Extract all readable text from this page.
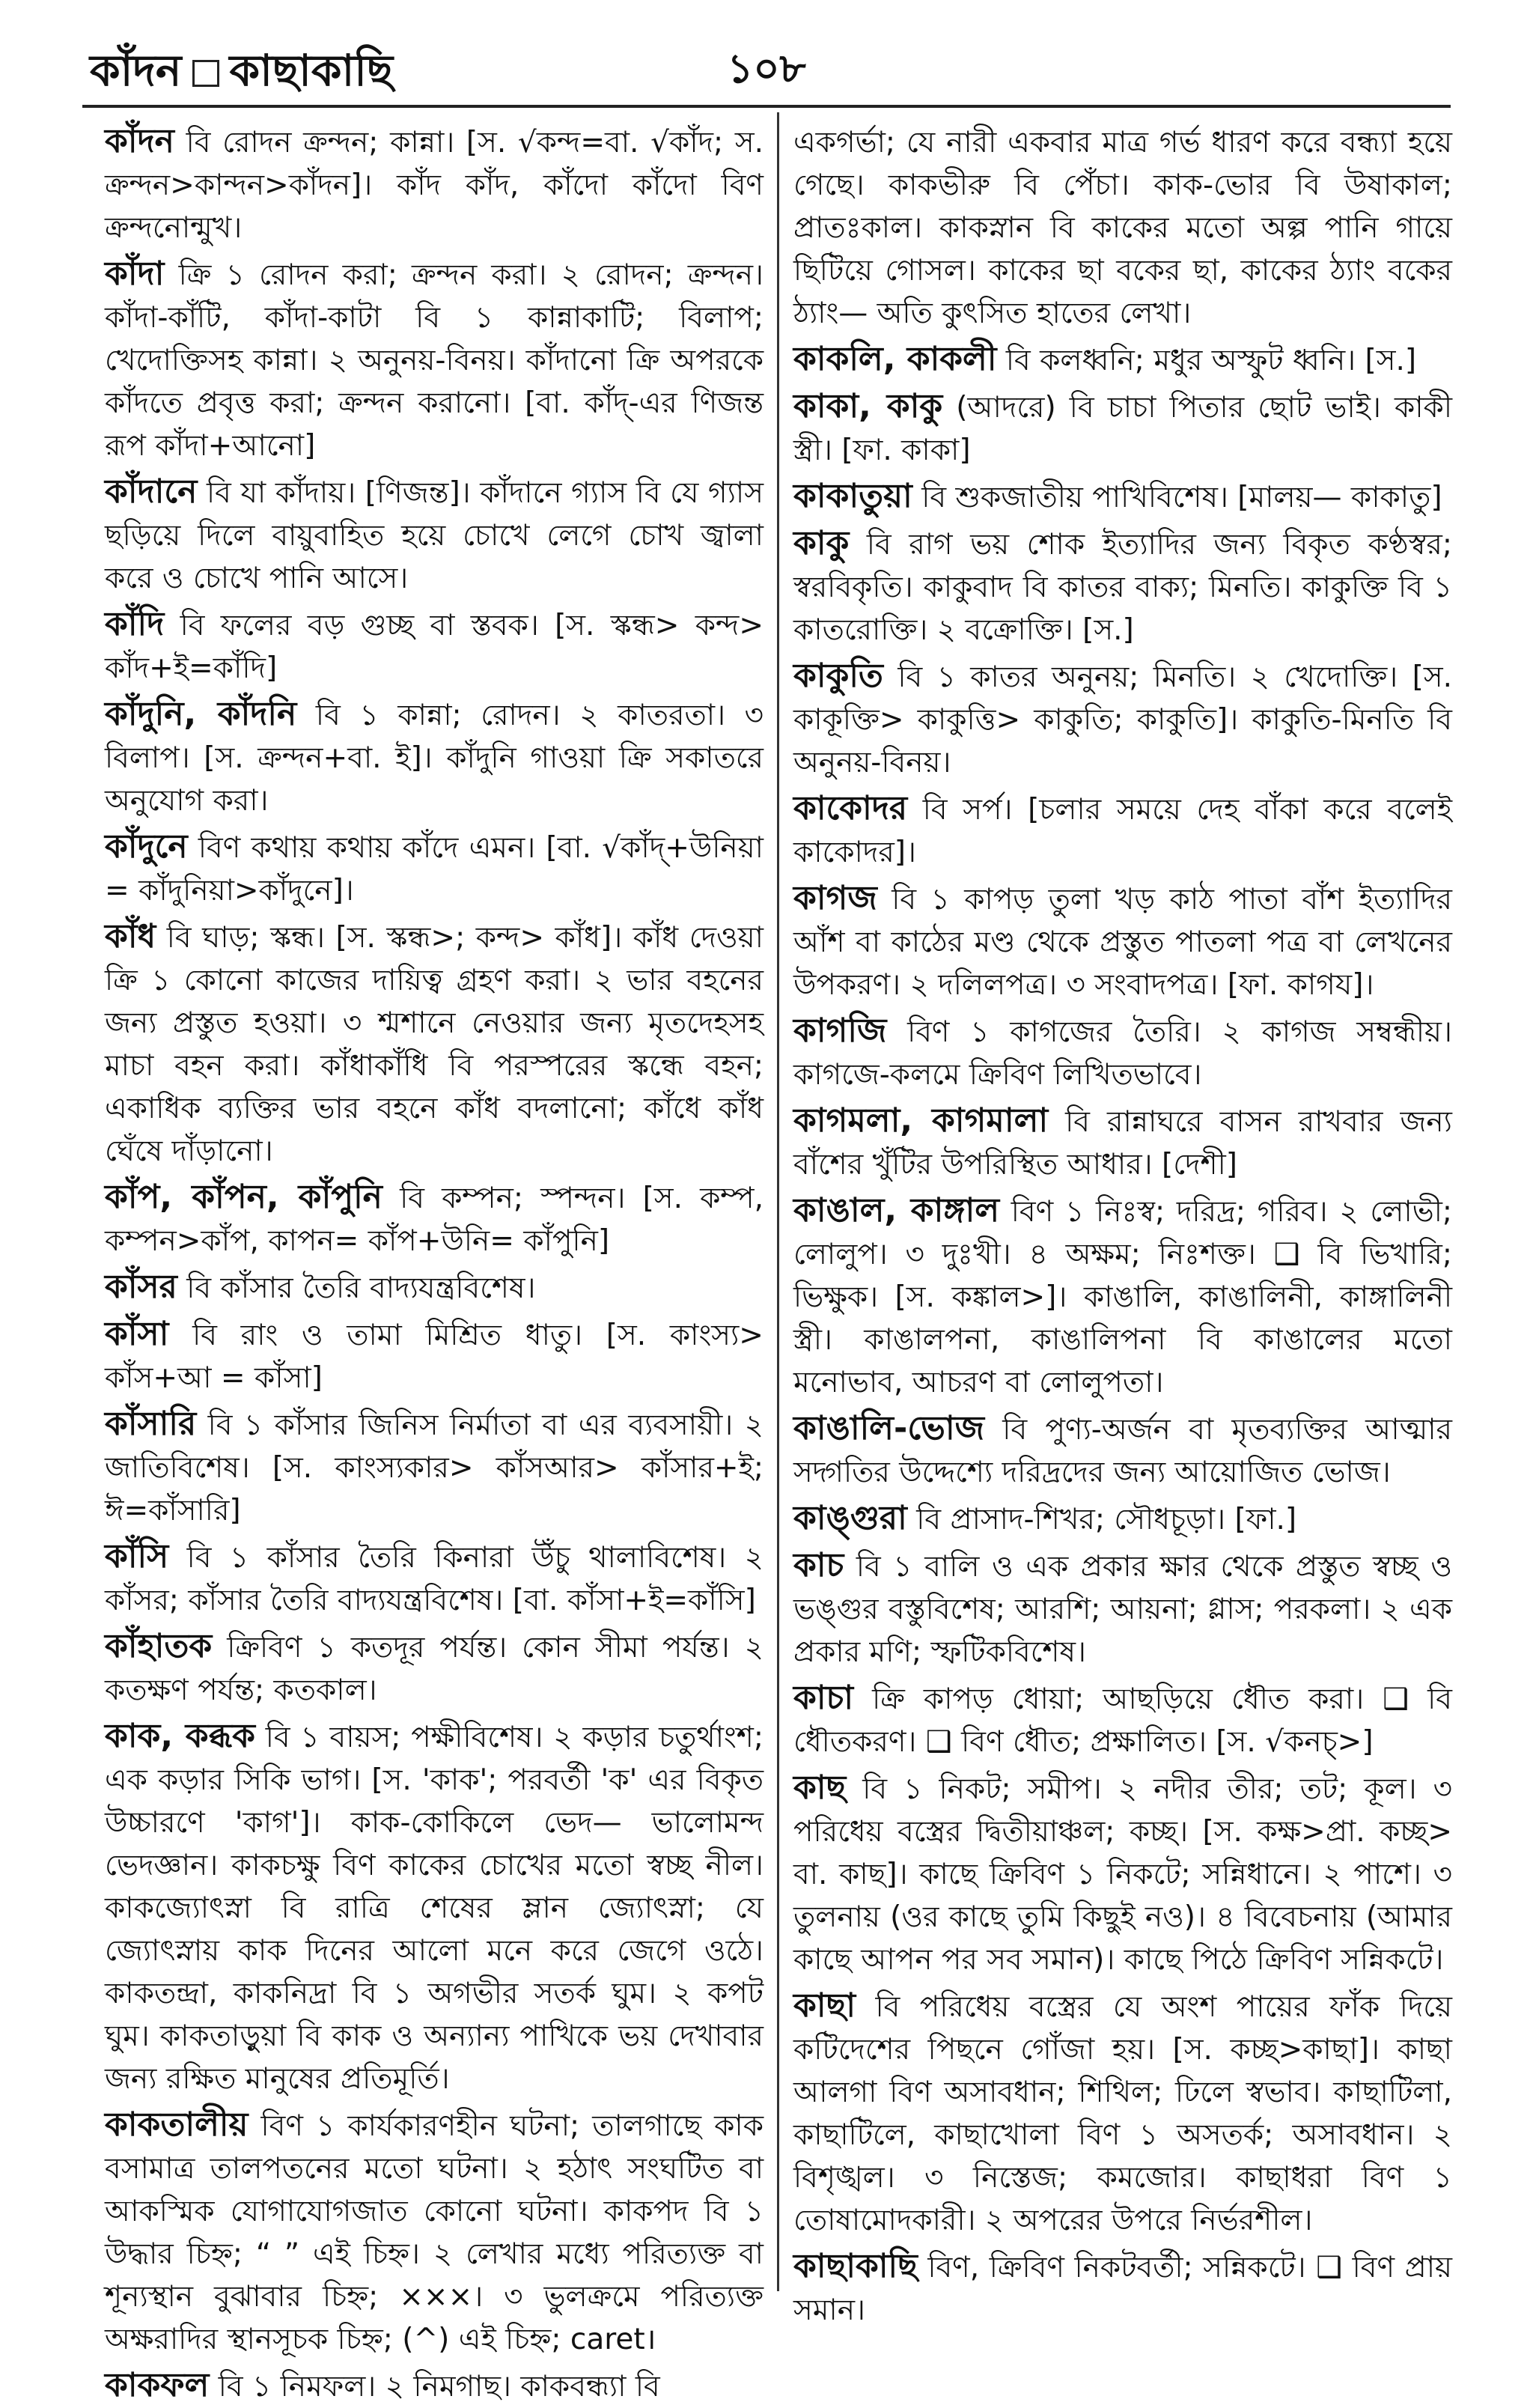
কাঁদন কাছাকাছি	১০৮
কাঁদন বি রোদন ক্রন্দন; কান্না। [স. √কন্দ=বা. √কাঁদ; স. ক্রন্দন>কান্দন>কাঁদন]। কাঁদ কাঁদ, কাঁদো কাঁদো বিণ ক্রন্দনোন্মুখ।
কাঁদা ক্রি ১ রোদন করা; ক্রন্দন করা। ২ রোদন; ক্রন্দন। কাঁদা-কাঁটি, কাঁদা-কাটা বি ১ কান্নাকাটি; বিলাপ; খেদোক্তিসহ কান্না। ২ অনুনয়-বিনয়। কাঁদানো ক্রি অপরকে কাঁদতে প্রবৃত্ত করা; ক্রন্দন করানো। [বা. কাঁদ্-এর ণিজন্ত রূপ কাঁদা+আনো]
কাঁদানে বি যা কাঁদায়। [ণিজন্ত]। কাঁদানে গ্যাস বি যে গ্যাস ছড়িয়ে দিলে বায়ুবাহিত হয়ে চোখে লেগে চোখ জ্বালা করে ও চোখে পানি আসে।
কাঁদি বি ফলের বড় গুচ্ছ বা স্তবক। [স. স্কন্ধ> কন্দ> কাঁদ+ই=কাঁদি]
কাঁদুনি, কাঁদনি বি ১ কান্না; রোদন। ২ কাতরতা। ৩ বিলাপ। [স. ক্রন্দন+বা. ই]। কাঁদুনি গাওয়া ক্রি সকাতরে অনুযোগ করা।
কাঁদুনে বিণ কথায় কথায় কাঁদে এমন। [বা. √কাঁদ্+উনিয়া = কাঁদুনিয়া>কাঁদুনে]।
কাঁধ বি ঘাড়; স্কন্ধ। [স. স্কন্ধ>; কন্দ> কাঁধ]। কাঁধ দেওয়া ক্রি ১ কোনো কাজের দায়িত্ব গ্রহণ করা। ২ ভার বহনের জন্য প্রস্তুত হওয়া। ৩ শ্মশানে নেওয়ার জন্য মৃতদেহসহ মাচা বহন করা। কাঁধাকাঁধি বি পরস্পরের স্কন্ধে বহন; একাধিক ব্যক্তির ভার বহনে কাঁধ বদলানো; কাঁধে কাঁধ ঘেঁষে দাঁড়ানো।
কাঁপ, কাঁপন, কাঁপুনি বি কম্পন; স্পন্দন। [স. কম্প, কম্পন>কাঁপ, কাপন= কাঁপ+উনি= কাঁপুনি]
কাঁসর বি কাঁসার তৈরি বাদ্যযন্ত্রবিশেষ।
কাঁসা বি রাং ও তামা মিশ্রিত ধাতু। [স. কাংস্য> কাঁস+আ = কাঁসা]
কাঁসারি বি ১ কাঁসার জিনিস নির্মাতা বা এর ব্যবসায়ী। ২ জাতিবিশেষ। [স. কাংস্যকার> কাঁসআর> কাঁসার+ই; ঈ=কাঁসারি]
কাঁসি বি ১ কাঁসার তৈরি কিনারা উঁচু থালাবিশেষ। ২ কাঁসর; কাঁসার তৈরি বাদ্যযন্ত্রবিশেষ। [বা. কাঁসা+ই=কাঁসি]
কাঁহাতক ক্রিবিণ ১ কতদূর পর্যন্ত। কোন সীমা পর্যন্ত। ২ কতক্ষণ পর্যন্ত; কতকাল।
কাক, কব্ধক বি ১ বায়স; পক্ষীবিশেষ। ২ কড়ার চতুর্থাংশ; এক কড়ার সিকি ভাগ। [স. 'কাক'; পরবর্তী 'ক' এর বিকৃত উচ্চারণে 'কাগ']। কাক-কোকিলে ভেদ— ভালোমন্দ ভেদজ্ঞান। কাকচক্ষু বিণ কাকের চোখের মতো স্বচ্ছ নীল। কাকজ্যোৎস্না বি রাত্রি শেষের ম্লান জ্যোৎস্না; যে জ্যোৎস্নায় কাক দিনের আলো মনে করে জেগে ওঠে। কাকতন্দ্রা, কাকনিদ্রা বি ১ অগভীর সতর্ক ঘুম। ২ কপট ঘুম। কাকতাড়ুয়া বি কাক ও অন্যান্য পাখিকে ভয় দেখাবার জন্য রক্ষিত মানুষের প্রতিমূর্তি।
কাকতালীয় বিণ ১ কার্যকারণহীন ঘটনা; তালগাছে কাক বসামাত্র তালপতনের মতো ঘটনা। ২ হঠাৎ সংঘটিত বা আকস্মিক যোগাযোগজাত কোনো ঘটনা। কাকপদ বি ১ উদ্ধার চিহ্ন; “ ” এই চিহ্ন। ২ লেখার মধ্যে পরিত্যক্ত বা শূন্যস্থান বুঝাবার চিহ্ন; ×××। ৩ ভুলক্রমে পরিত্যক্ত অক্ষরাদির স্থানসূচক চিহ্ন; (^) এই চিহ্ন; caret।
কাকফল বি ১ নিমফল। ২ নিমগাছ। কাকবন্ধ্যা বি
একগর্ভা; যে নারী একবার মাত্র গর্ভ ধারণ করে বন্ধ্যা হয়ে গেছে। কাকভীরু বি পেঁচা। কাক-ভোর বি উষাকাল; প্রাতঃকাল। কাকস্নান বি কাকের মতো অল্প পানি গায়ে ছিটিয়ে গোসল। কাকের ছা বকের ছা, কাকের ঠ্যাং বকের ঠ্যাং— অতি কুৎসিত হাতের লেখা।
কাকলি, কাকলী বি কলধ্বনি; মধুর অস্ফুট ধ্বনি। [স.]
কাকা, কাকু (আদরে) বি চাচা পিতার ছোট ভাই। কাকী স্ত্রী। [ফা. কাকা]
কাকাতুয়া বি শুকজাতীয় পাখিবিশেষ। [মালয়— কাকাতু]
কাকু বি রাগ ভয় শোক ইত্যাদির জন্য বিকৃত কণ্ঠস্বর; স্বরবিকৃতি। কাকুবাদ বি কাতর বাক্য; মিনতি। কাকুক্তি বি ১ কাতরোক্তি। ২ বক্রোক্তি। [স.]
কাকুতি বি ১ কাতর অনুনয়; মিনতি। ২ খেদোক্তি। [স. কাকূক্তি> কাকুত্তি> কাকুতি; কাকুতি]। কাকুতি-মিনতি বি অনুনয়-বিনয়।
কাকোদর বি সর্প। [চলার সময়ে দেহ বাঁকা করে বলেই কাকোদর]।
কাগজ বি ১ কাপড় তুলা খড় কাঠ পাতা বাঁশ ইত্যাদির আঁশ বা কাঠের মণ্ড থেকে প্রস্তুত পাতলা পত্র বা লেখনের উপকরণ। ২ দলিলপত্র। ৩ সংবাদপত্র। [ফা. কাগয]।
কাগজি বিণ ১ কাগজের তৈরি। ২ কাগজ সম্বন্ধীয়। কাগজে-কলমে ক্রিবিণ লিখিতভাবে।
কাগমলা, কাগমালা বি রান্নাঘরে বাসন রাখবার জন্য বাঁশের খুঁটির উপরিস্থিত আধার। [দেশী]
কাঙাল, কাঙ্গাল বিণ ১ নিঃস্ব; দরিদ্র; গরিব। ২ লোভী; লোলুপ। ৩ দুঃখী। ৪ অক্ষম; নিঃশক্ত। ❑ বি ভিখারি; ভিক্ষুক। [স. কঙ্কাল>]। কাঙালি, কাঙালিনী, কাঙ্গালিনী স্ত্রী। কাঙালপনা, কাঙালিপনা বি কাঙালের মতো মনোভাব, আচরণ বা লোলুপতা।
কাঙালি-ভোজ বি পুণ্য-অর্জন বা মৃতব্যক্তির আত্মার সদ্গতির উদ্দেশ্যে দরিদ্রদের জন্য আয়োজিত ভোজ।
কাঙ্গুরা বি প্রাসাদ-শিখর; সৌধচূড়া। [ফা.]
কাচ বি ১ বালি ও এক প্রকার ক্ষার থেকে প্রস্তুত স্বচ্ছ ও ভঙ্গুর বস্তুবিশেষ; আরশি; আয়না; গ্লাস; পরকলা। ২ এক প্রকার মণি; স্ফটিকবিশেষ।
কাচা ক্রি কাপড় ধোয়া; আছড়িয়ে ধৌত করা। ❑ বি ধৌতকরণ। ❑ বিণ ধৌত; প্রক্ষালিত। [স. √কনচ্>]
কাছ বি ১ নিকট; সমীপ। ২ নদীর তীর; তট; কূল। ৩ পরিধেয় বস্ত্রের দ্বিতীয়াঞ্চল; কচ্ছ। [স. কক্ষ>প্রা. কচ্ছ> বা. কাছ]। কাছে ক্রিবিণ ১ নিকটে; সন্নিধানে। ২ পাশে। ৩ তুলনায় (ওর কাছে তুমি কিছুই নও)। ৪ বিবেচনায় (আমার কাছে আপন পর সব সমান)। কাছে পিঠে ক্রিবিণ সন্নিকটে।
কাছা বি পরিধেয় বস্ত্রের যে অংশ পায়ের ফাঁক দিয়ে কটিদেশের পিছনে গোঁজা হয়। [স. কচ্ছ>কাছা]। কাছা আলগা বিণ অসাবধান; শিথিল; ঢিলে স্বভাব। কাছাটিলা, কাছাটিলে, কাছাখোলা বিণ ১ অসতর্ক; অসাবধান। ২ বিশৃঙ্খল। ৩ নিস্তেজ; কমজোর। কাছাধরা বিণ ১ তোষামোদকারী। ২ অপরের উপরে নির্ভরশীল।
কাছাকাছি বিণ, ক্রিবিণ নিকটবর্তী; সন্নিকটে। ❑ বিণ প্রায় সমান।
